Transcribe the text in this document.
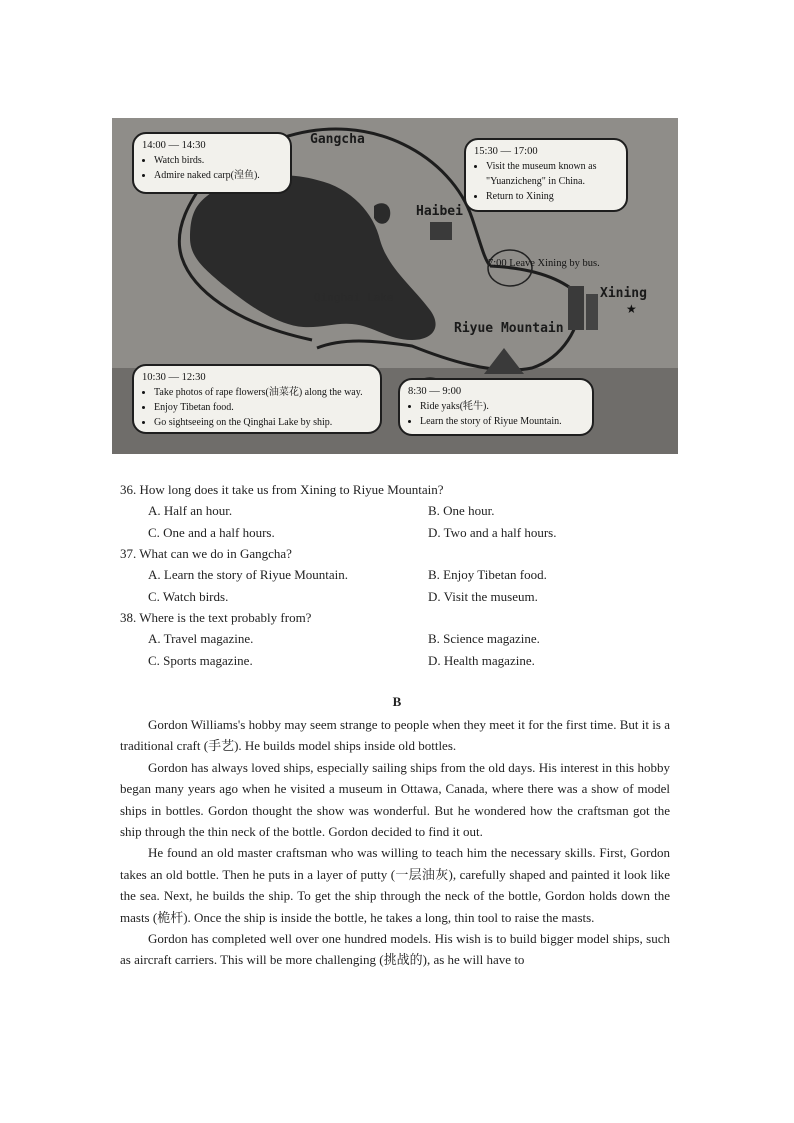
★
Gangcha
Haibei
Xining
Qinghai Lake
Riyue Mountain
7:00 Leave Xining by bus.
14:00 — 14:30
• Watch birds.
• Admire naked carp(湟鱼).
15:30 — 17:00
• Visit the museum known as "Yuanzicheng" in China.
• Return to Xining
10:30 — 12:30
• Take photos of rape flowers(油菜花) along the way.
• Enjoy Tibetan food.
• Go sightseeing on the Qinghai Lake by ship.
8:30 — 9:00
• Ride yaks(牦牛).
• Learn the story of Riyue Mountain.
36. How long does it take us from Xining to Riyue Mountain?
A. Half an hour.	B. One hour.
C. One and a half hours.	D. Two and a half hours.
37. What can we do in Gangcha?
A. Learn the story of Riyue Mountain.	B. Enjoy Tibetan food.
C. Watch birds.	D. Visit the museum.
38. Where is the text probably from?
A. Travel magazine.	B. Science magazine.
C. Sports magazine.	D. Health magazine.
B

Gordon Williams's hobby may seem strange to people when they meet it for the first time. But it is a traditional craft (手艺). He builds model ships inside old bottles.

Gordon has always loved ships, especially sailing ships from the old days. His interest in this hobby began many years ago when he visited a museum in Ottawa, Canada, where there was a show of model ships in bottles. Gordon thought the show was wonderful. But he wondered how the craftsman got the ship through the thin neck of the bottle. Gordon decided to find it out.

He found an old master craftsman who was willing to teach him the necessary skills. First, Gordon takes an old bottle. Then he puts in a layer of putty (一层油灰), carefully shaped and painted it look like the sea. Next, he builds the ship. To get the ship through the neck of the bottle, Gordon holds down the masts (桅杆). Once the ship is inside the bottle, he takes a long, thin tool to raise the masts.

Gordon has completed well over one hundred models. His wish is to build bigger model ships, such as aircraft carriers. This will be more challenging (挑战的), as he will have to
